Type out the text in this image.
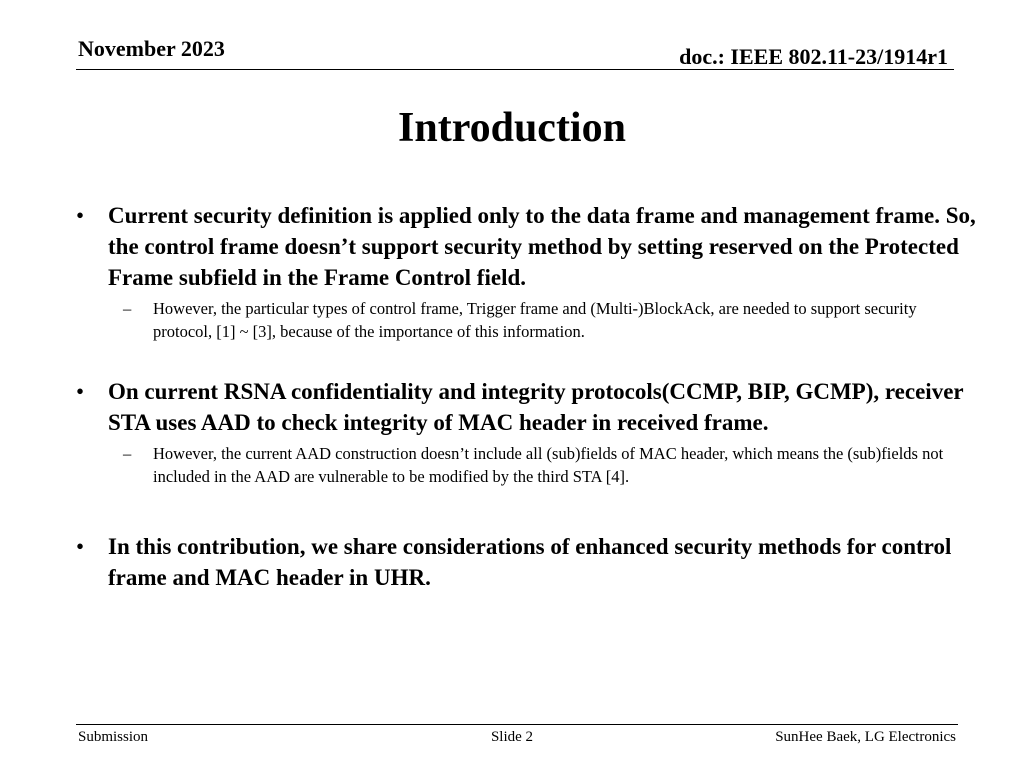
November 2023	doc.: IEEE 802.11-23/1914r1
Introduction
• Current security definition is applied only to the data frame and management frame. So, the control frame doesn’t support security method by setting reserved on the Protected Frame subfield in the Frame Control field.
– However, the particular types of control frame, Trigger frame and (Multi-)BlockAck, are needed to support security protocol, [1] ~ [3], because of the importance of this information.
• On current RSNA confidentiality and integrity protocols(CCMP, BIP, GCMP), receiver STA uses AAD to check integrity of MAC header in received frame.
– However, the current AAD construction doesn’t include all (sub)fields of MAC header, which means the (sub)fields not included in the AAD are vulnerable to be modified by the third STA [4].
• In this contribution, we share considerations of enhanced security methods for control frame and MAC header in UHR.
Submission	Slide 2	SunHee Baek, LG Electronics
